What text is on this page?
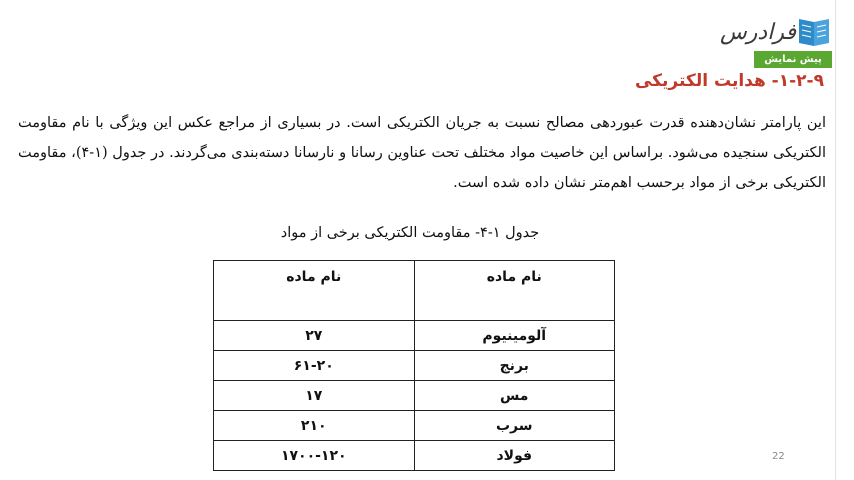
فرادرس
پیش نمایش
۱-۲-۹- هدایت الکتریکی
این پارامتر نشان‌دهنده قدرت عبوردهی مصالح نسبت به جریان الکتریکی است. در بسیاری از مراجع عکس این ویژگی با نام مقاومت الکتریکی سنجیده می‌شود. براساس این خاصیت مواد مختلف تحت عناوین رسانا و نارسانا دسته‌بندی می‌گردند. در جدول (۱-۴)، مقاومت الکتریکی برخی از مواد برحسب اهم‌متر نشان داده شده است.
جدول ۱-۴- مقاومت الکتریکی برخی از مواد
نام ماده	نام ماده
آلومینیوم	۲۷
برنج	۶۱-۲۰
مس	۱۷
سرب	۲۱۰
فولاد	۱۷۰۰-۱۲۰	22
